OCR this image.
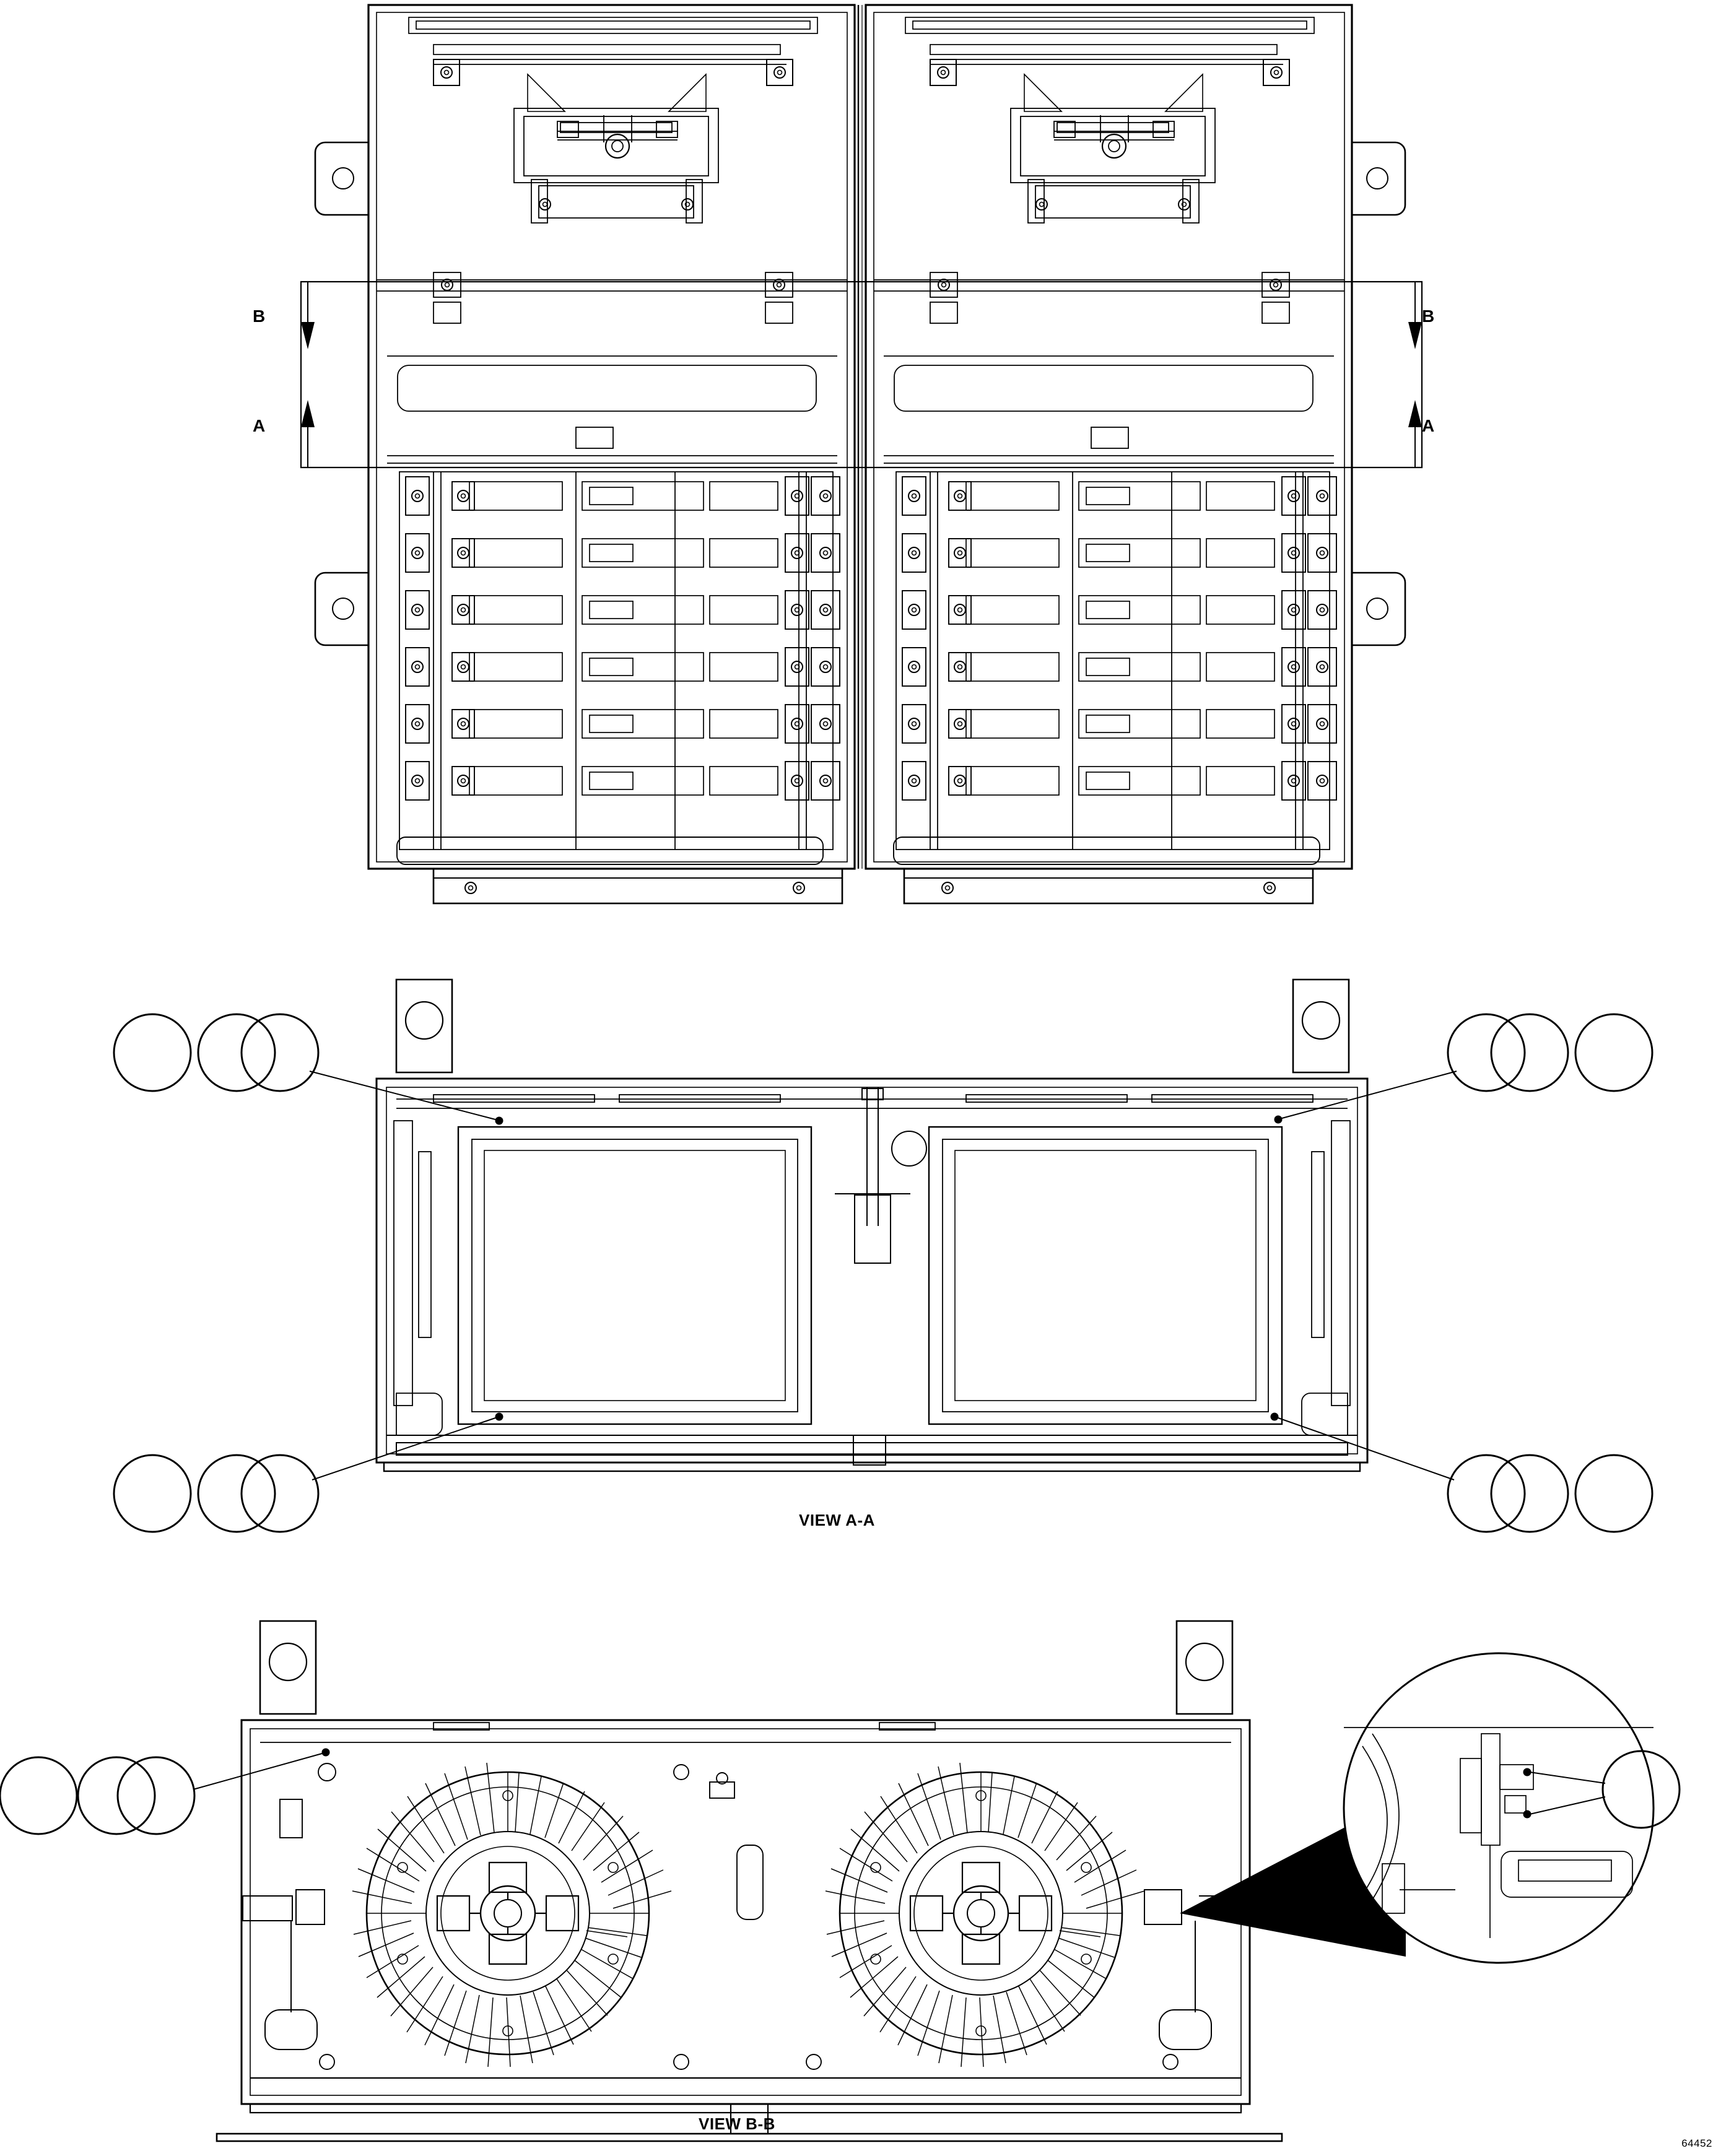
B
A
B
A
VIEW A-A
VIEW B-B
64452
